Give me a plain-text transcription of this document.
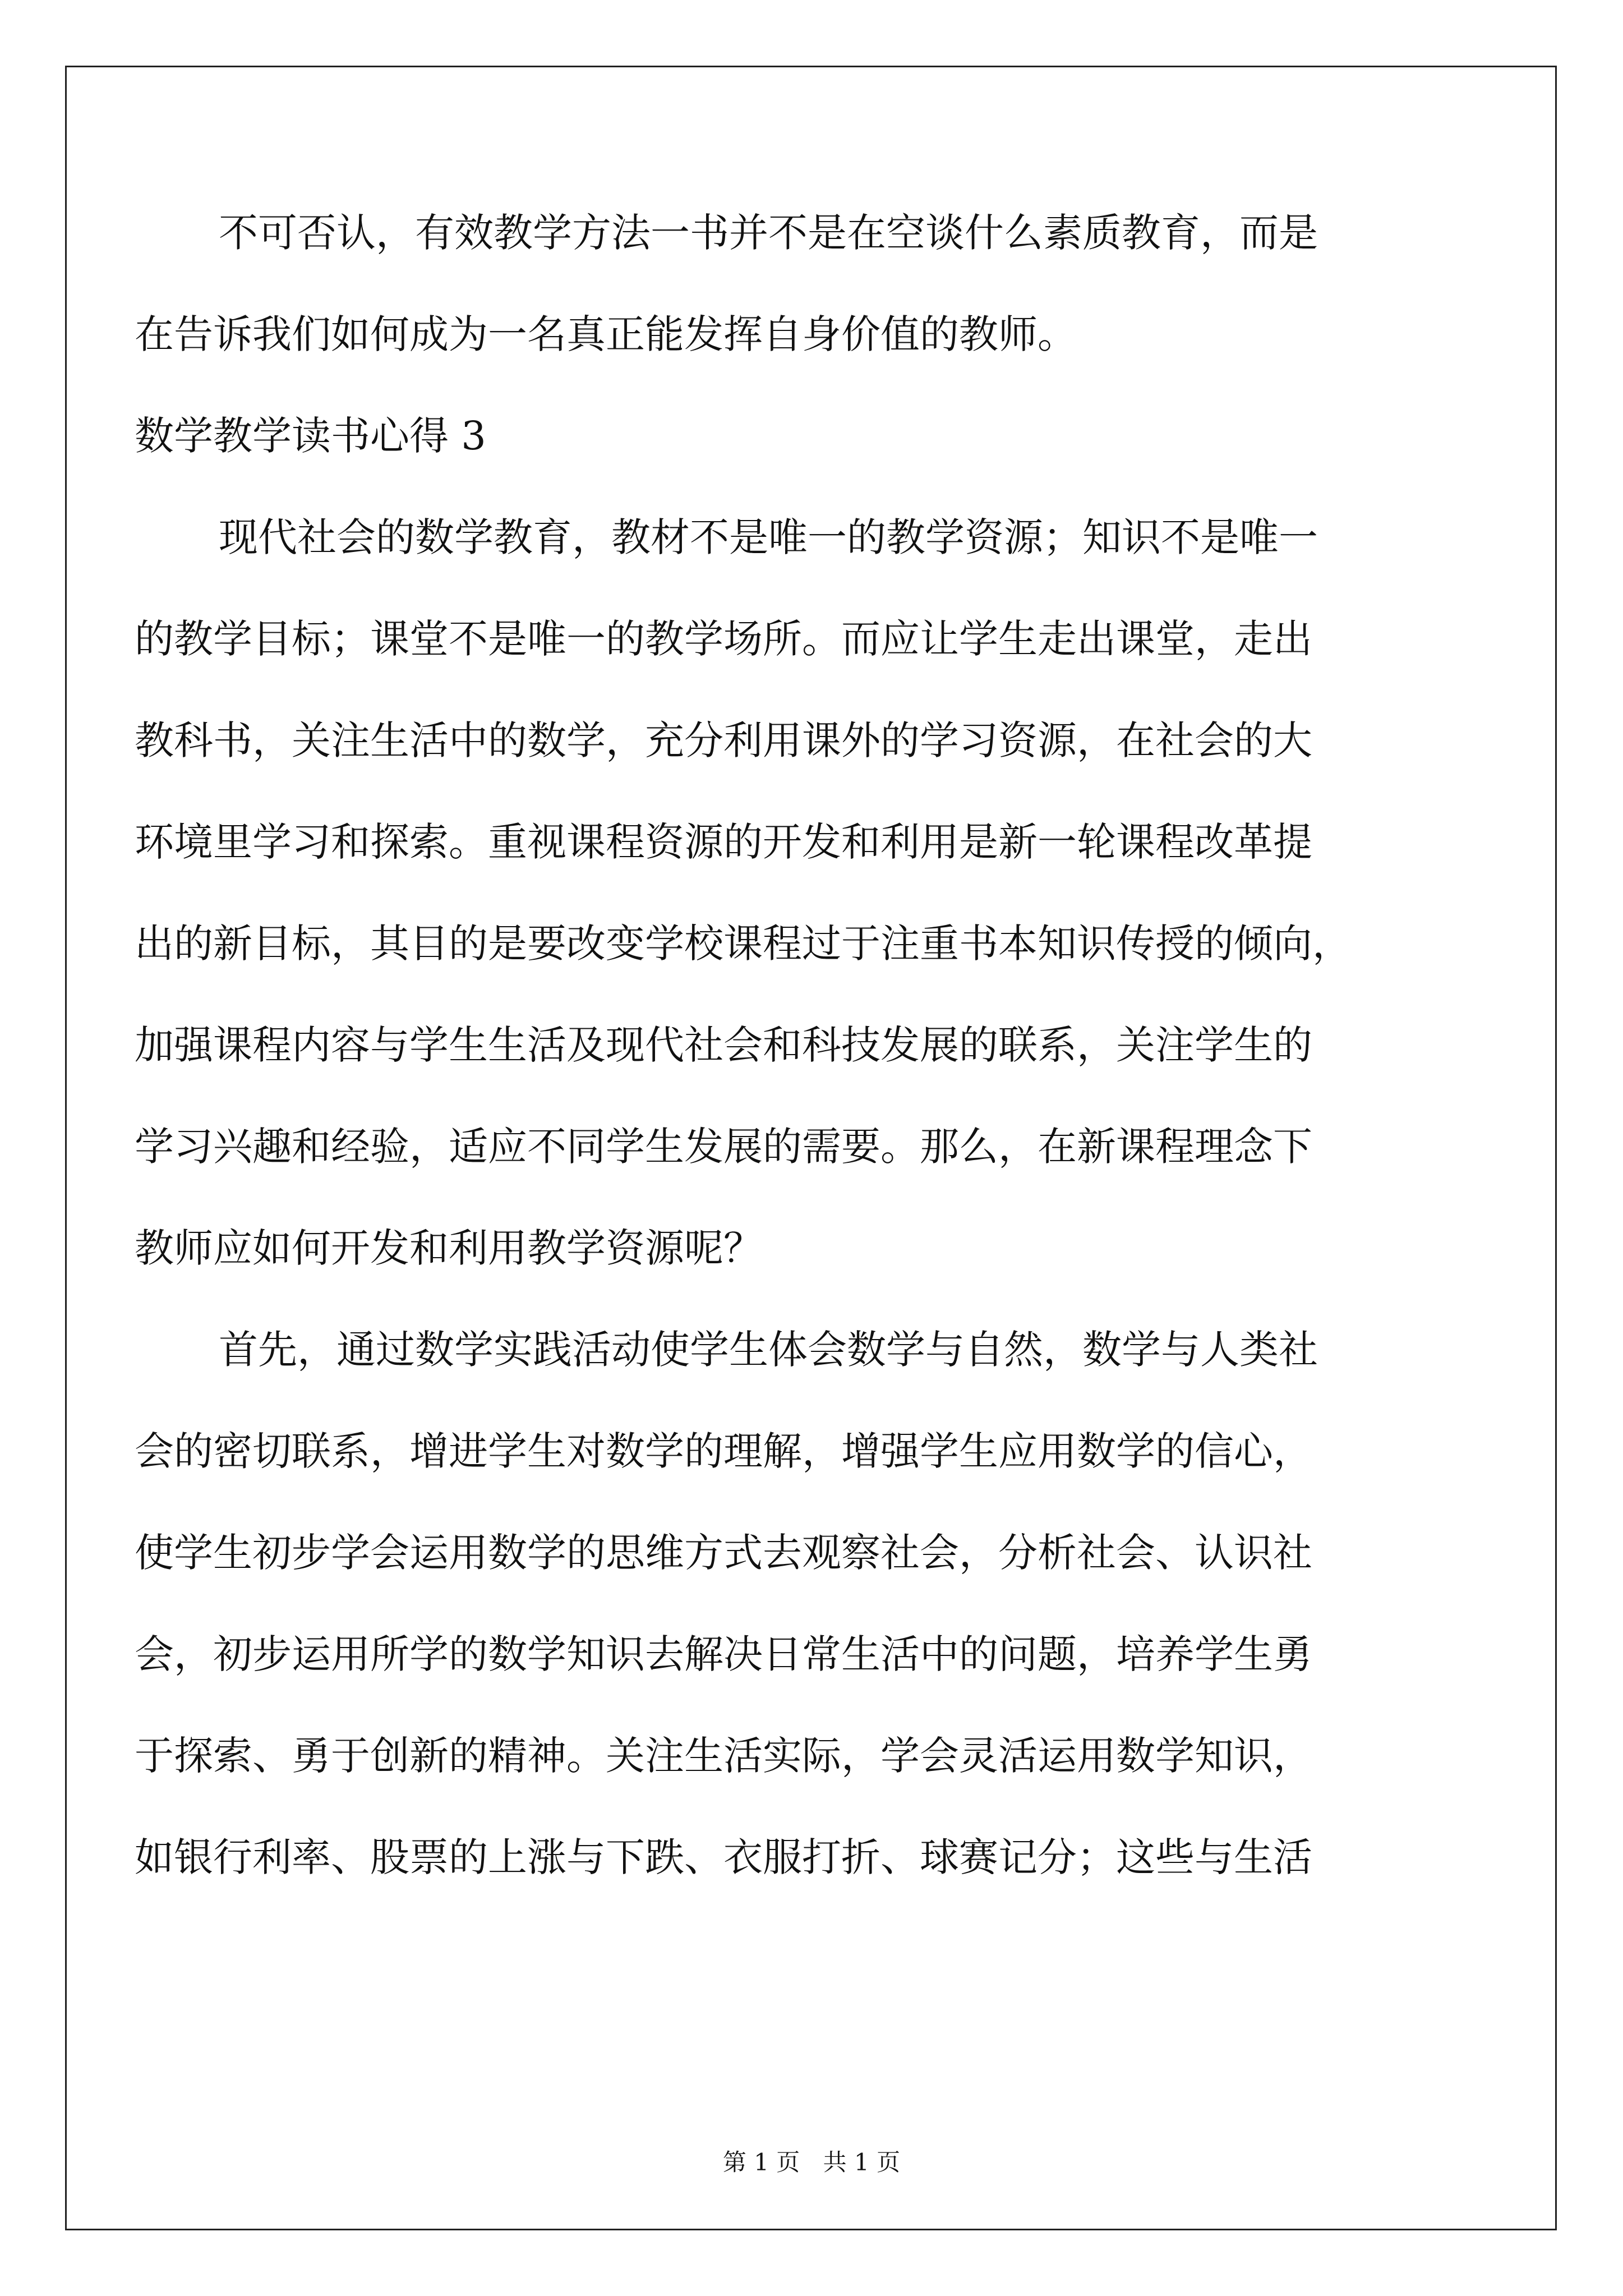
不可否认，有效教学方法一书并不是在空谈什么素质教育，而是
在告诉我们如何成为一名真正能发挥自身价值的教师。
数学教学读书心得 3
现代社会的数学教育，教材不是唯一的教学资源；知识不是唯一
的教学目标；课堂不是唯一的教学场所。而应让学生走出课堂，走出
教科书，关注生活中的数学，充分利用课外的学习资源，在社会的大
环境里学习和探索。重视课程资源的开发和利用是新一轮课程改革提
出的新目标，其目的是要改变学校课程过于注重书本知识传授的倾向，
加强课程内容与学生生活及现代社会和科技发展的联系，关注学生的
学习兴趣和经验，适应不同学生发展的需要。那么，在新课程理念下
教师应如何开发和利用教学资源呢？
首先，通过数学实践活动使学生体会数学与自然，数学与人类社
会的密切联系，增进学生对数学的理解，增强学生应用数学的信心，
使学生初步学会运用数学的思维方式去观察社会，分析社会、认识社
会，初步运用所学的数学知识去解决日常生活中的问题，培养学生勇
于探索、勇于创新的精神。关注生活实际，学会灵活运用数学知识，
如银行利率、股票的上涨与下跌、衣服打折、球赛记分；这些与生活
第 1 页 共 1 页
